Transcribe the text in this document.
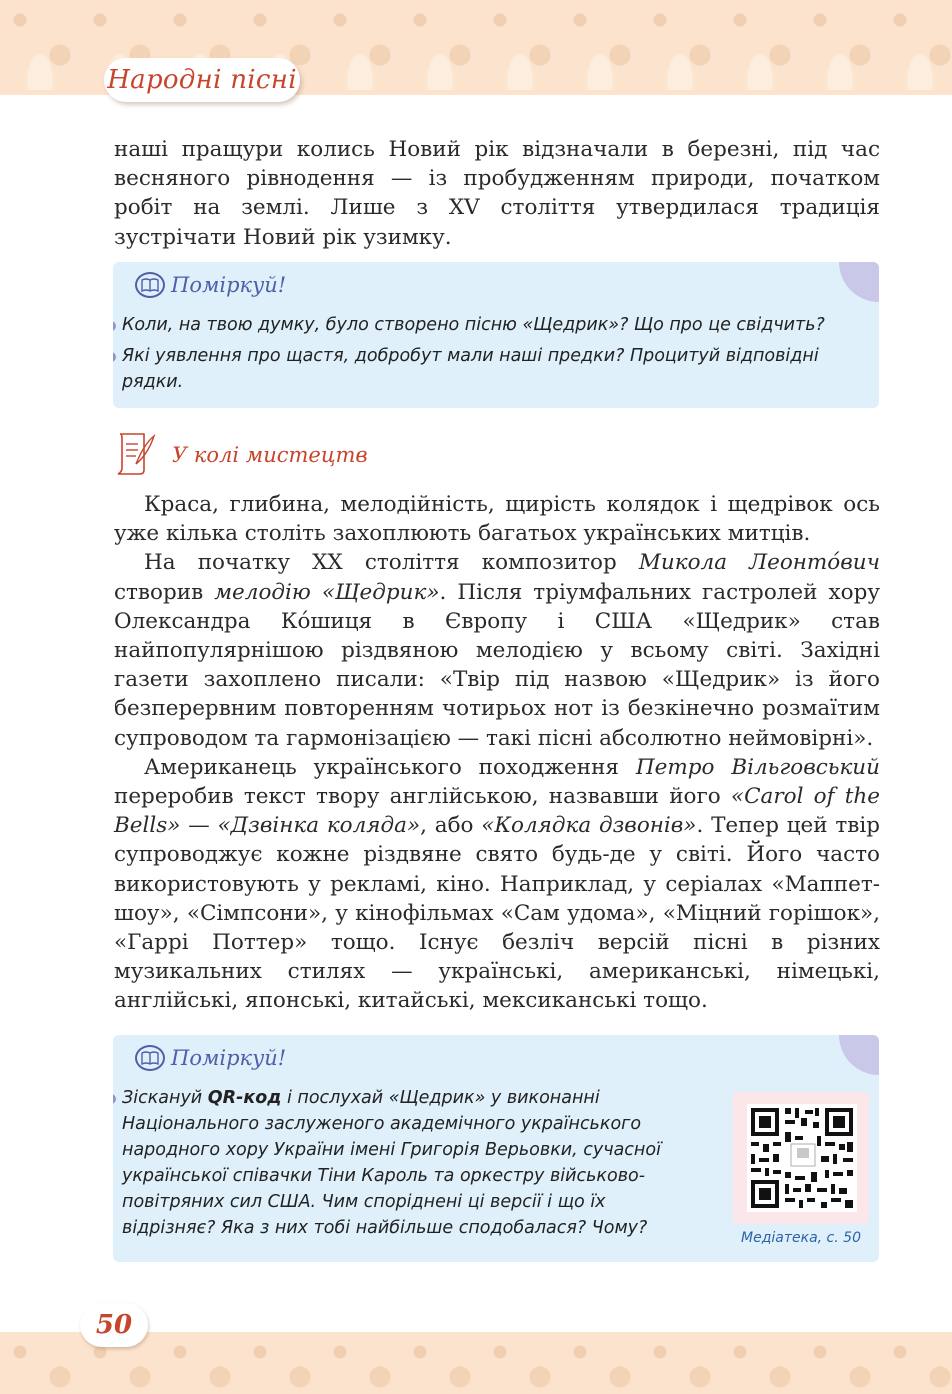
Народні пісні

наші пращури колись Новий рік відзначали в березні, під час весняного рівнодення — із пробудженням природи, початком робіт на землі. Лише з XV століття утвердилася традиція зустрічати Новий рік узимку.

Поміркуй!
Коли, на твою думку, було створено пісню «Щедрик»? Що про це свідчить?
Які уявлення про щастя, добробут мали наші предки? Процитуй відповідні рядки.
У колі мистецтв

Краса, глибина, мелодійність, щирість колядок і щедрівок ось уже кілька століть захоплюють багатьох українських митців.

На початку XX століття композитор Микола Леонто́вич створив мелодію «Щедрик». Після тріумфальних гастролей хору Олександра Ко́шиця в Європу і США «Щедрик» став найпопулярнішою різдвяною мелодією у всьому світі. Західні газети захоплено писали: «Твір під назвою «Щедрик» із його безперервним повторенням чотирьох нот із безкінечно розмаїтим супроводом та гармонізацією — такі пісні абсолютно неймовірні».

Американець українського походження Петро Вільговський переробив текст твору англійською, назвавши його «Carol of the Bells» — «Дзвінка коляда», або «Колядка дзвонів». Тепер цей твір супроводжує кожне різдвяне свято будь-де у світі. Його часто використовують у рекламі, кіно. Наприклад, у серіалах «Маппет-шоу», «Сімпсони», у кінофільмах «Сам удома», «Міцний горішок», «Гаррі Поттер» тощо. Існує безліч версій пісні в різних музикальних стилях — українські, американські, німецькі, англійські, японські, китайські, мексиканські тощо.

Поміркуй!
Зіскануй QR-код і послухай «Щедрик» у виконанні
Національного заслуженого академічного українського
народного хору України імені Григорія Верьовки, сучасної
української співачки Тіни Кароль та оркестру військово-
повітряних сил США. Чим споріднені ці версії і що їх
відрізняє? Яка з них тобі найбільше сподобалася? Чому?	Медіатека, с. 50
50
